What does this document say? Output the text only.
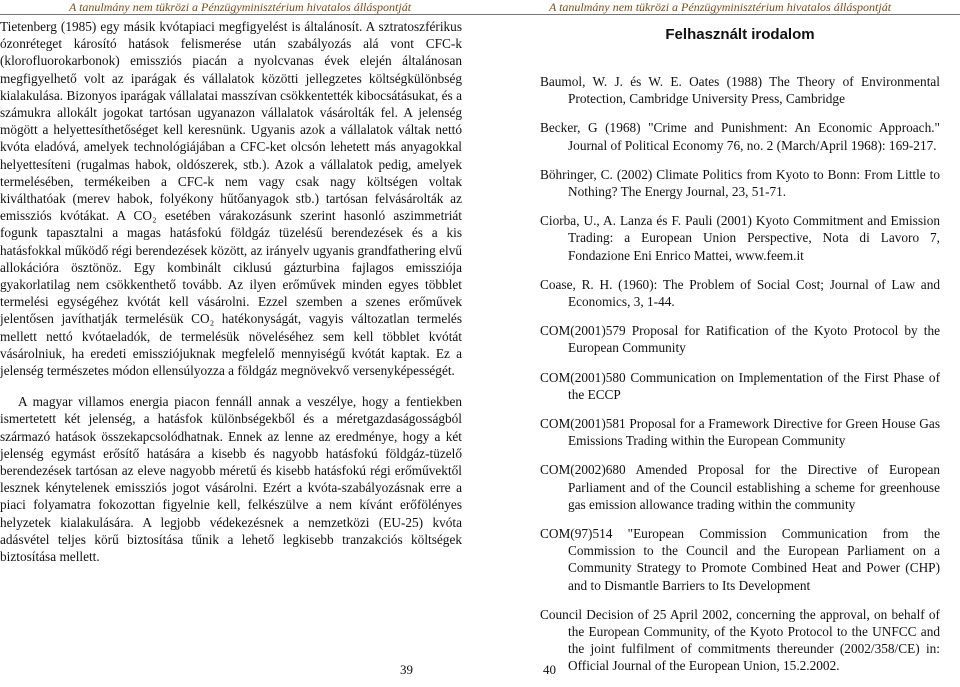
A tanulmány nem tükrözi a Pénzügyminisztérium hivatalos álláspontját

Tietenberg (1985) egy másik kvótapiaci megfigyelést is általánosít. A sztratoszférikus ózonréteget károsító hatások felismerése után szabályozás alá vont CFC-k (klorofluorokarbonok) emissziós piacán a nyolcvanas évek elején általánosan megfigyelhető volt az iparágak és vállalatok közötti jellegzetes költségkülönbség kialakulása. Bizonyos iparágak vállalatai masszívan csökkentették kibocsátásukat, és a számukra allokált jogokat tartósan ugyanazon vállalatok vásárolták fel. A jelenség mögött a helyettesíthetőséget kell keresnünk. Ugyanis azok a vállalatok váltak nettó kvóta eladóvá, amelyek technológiájában a CFC-ket olcsón lehetett más anyagokkal helyettesíteni (rugalmas habok, oldószerek, stb.). Azok a vállalatok pedig, amelyek termelésében, termékeiben a CFC-k nem vagy csak nagy költségen voltak kiválthatóak (merev habok, folyékony hűtőanyagok stb.) tartósan felvásárolták az emissziós kvótákat. A CO₂ esetében várakozásunk szerint hasonló aszimmetriát fogunk tapasztalni a magas hatásfokú földgáz tüzelésű berendezések és a kis hatásfokkal működő régi berendezések között, az irányelv ugyanis grandfathering elvű allokációra ösztönöz. Egy kombinált ciklusú gázturbina fajlagos emissziója gyakorlatilag nem csökkenthető tovább. Az ilyen erőművek minden egyes többlet termelési egységéhez kvótát kell vásárolni. Ezzel szemben a szenes erőművek jelentősen javíthatják termelésük CO₂ hatékonyságát, vagyis változatlan termelés mellett nettó kvótaeladók, de termelésük növeléséhez sem kell többlet kvótát vásárolniuk, ha eredeti emissziójuknak megfelelő mennyiségű kvótát kaptak. Ez a jelenség természetes módon ellensúlyozza a földgáz megnövekvő versenyképességét.

A magyar villamos energia piacon fennáll annak a veszélye, hogy a fentiekben ismertetett két jelenség, a hatásfok különbségekből és a méretgazdaságosságból származó hatások összekapcsolódhatnak. Ennek az lenne az eredménye, hogy a két jelenség egymást erősítő hatására a kisebb és nagyobb hatásfokú földgáz-tüzelő berendezések tartósan az eleve nagyobb méretű és kisebb hatásfokú régi erőművektől lesznek kénytelenek emissziós jogot vásárolni. Ezért a kvóta-szabályozásnak erre a piaci folyamatra fokozottan figyelnie kell, felkészülve a nem kívánt erőfölényes helyzetek kialakulására. A legjobb védekezésnek a nemzetközi (EU-25) kvóta adásvétel teljes körű biztosítása tűnik a lehető legkisebb tranzakciós költségek biztosítása mellett.

39
A tanulmány nem tükrözi a Pénzügyminisztérium hivatalos álláspontját
Felhasznált irodalom
Baumol, W. J. és W. E. Oates (1988) The Theory of Environmental Protection, Cambridge University Press, Cambridge
Becker, G (1968) "Crime and Punishment: An Economic Approach." Journal of Political Economy 76, no. 2 (March/April 1968): 169-217.
Böhringer, C. (2002) Climate Politics from Kyoto to Bonn: From Little to Nothing? The Energy Journal, 23, 51-71.
Ciorba, U., A. Lanza és F. Pauli (2001) Kyoto Commitment and Emission Trading: a European Union Perspective, Nota di Lavoro 7, Fondazione Eni Enrico Mattei, www.feem.it
Coase, R. H. (1960): The Problem of Social Cost; Journal of Law and Economics, 3, 1-44.
COM(2001)579 Proposal for Ratification of the Kyoto Protocol by the European Community
COM(2001)580 Communication on Implementation of the First Phase of the ECCP
COM(2001)581 Proposal for a Framework Directive for Green House Gas Emissions Trading within the European Community
COM(2002)680 Amended Proposal for the Directive of European Parliament and of the Council establishing a scheme for greenhouse gas emission allowance trading within the community
COM(97)514 "European Commission Communication from the Commission to the Council and the European Parliament on a Community Strategy to Promote Combined Heat and Power (CHP) and to Dismantle Barriers to Its Development
Council Decision of 25 April 2002, concerning the approval, on behalf of the European Community, of the Kyoto Protocol to the UNFCC and the joint fulfilment of commitments thereunder (2002/358/CE) in: Official Journal of the European Union, 15.2.2002.
40
